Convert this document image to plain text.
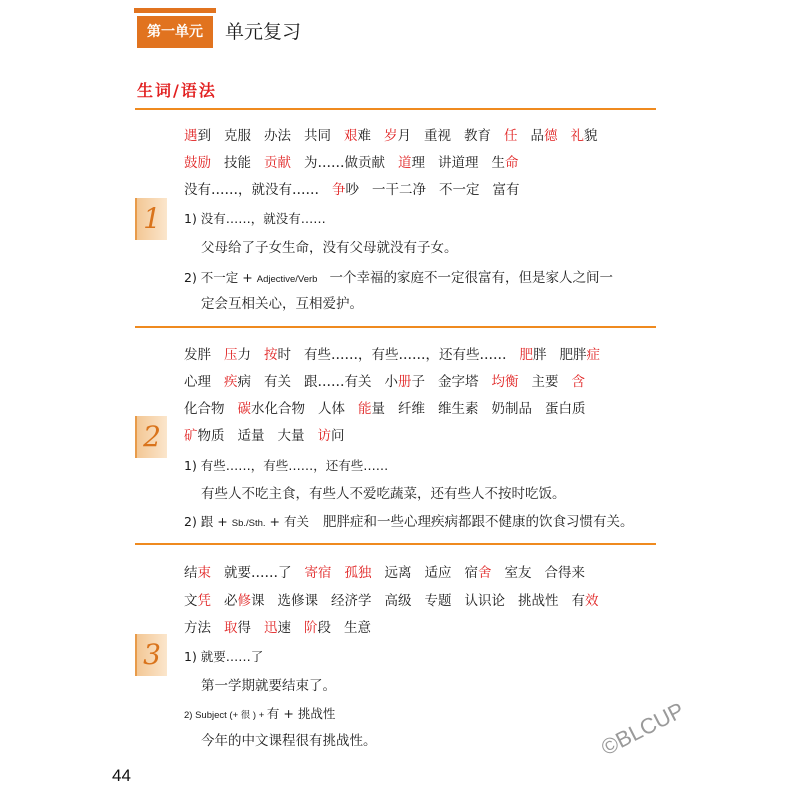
第一单元	单元复习
生词/语法
1
遇到 克服 办法 共同 艰难 岁月 重视 教育 任 品德 礼貌
鼓励 技能 贡献 为……做贡献 道理 讲道理 生命
没有……，就没有…… 争吵 一干二净 不一定 富有
1) 没有……，就没有……
父母给了子女生命，没有父母就没有子女。
2) 不一定 + Adjective/Verb 一个幸福的家庭不一定很富有，但是家人之间一
定会互相关心，互相爱护。
2
发胖 压力 按时 有些……，有些……，还有些…… 肥胖 肥胖症
心理 疾病 有关 跟……有关 小册子 金字塔 均衡 主要 含
化合物 碳水化合物 人体 能量 纤维 维生素 奶制品 蛋白质
矿物质 适量 大量 访问
1) 有些……，有些……，还有些……
有些人不吃主食，有些人不爱吃蔬菜，还有些人不按时吃饭。
2) 跟 + Sb./Sth. + 有关 肥胖症和一些心理疾病都跟不健康的饮食习惯有关。
3
结束 就要……了 寄宿 孤独 远离 适应 宿舍 室友 合得来
文凭 必修课 选修课 经济学 高级 专题 认识论 挑战性 有效
方法 取得 迅速 阶段 生意
1) 就要……了
第一学期就要结束了。
2) Subject (+ 很 ) + 有 + 挑战性
今年的中文课程很有挑战性。
44
©BLCUP
